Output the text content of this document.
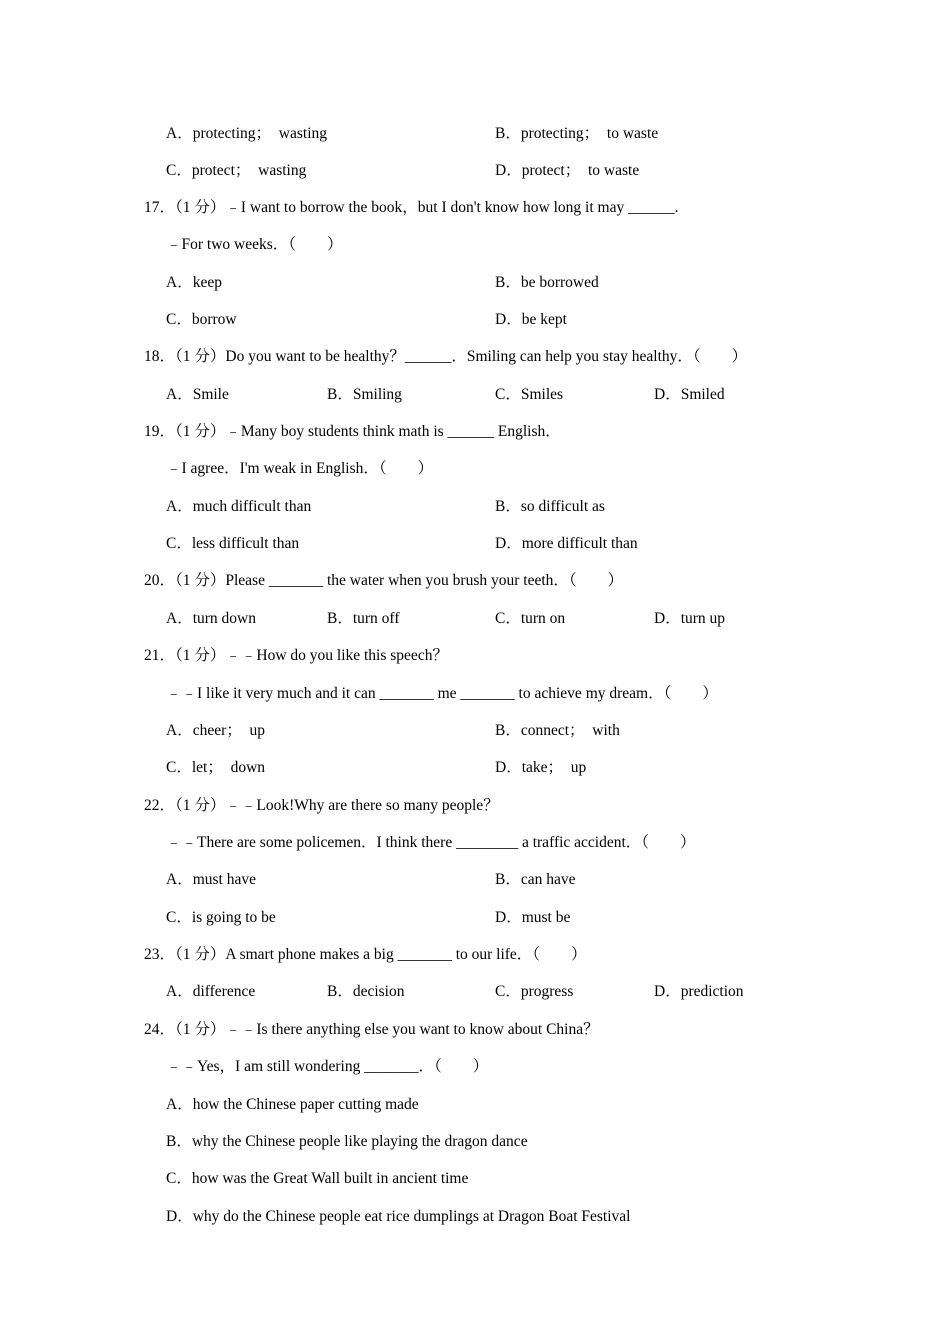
A．protecting；　wasting	B．protecting；　to waste
C．protect；　wasting	D．protect；　to waste
17．（1 分）﹣I want to borrow the book，but I don't know how long it may ______.
﹣For two weeks．（　　）
A．keep	B．be borrowed
C．borrow	D．be kept
18．（1 分）Do you want to be healthy？______．Smiling can help you stay healthy．（　　）
A．Smile	B．Smiling	C．Smiles	D．Smiled
19．（1 分）﹣Many boy students think math is ______ English．
﹣I agree．I'm weak in English．（　　）
A．much difficult than	B．so difficult as
C．less difficult than	D．more difficult than
20．（1 分）Please _______ the water when you brush your teeth．（　　）
A．turn down	B．turn off	C．turn on	D．turn up
21．（1 分）﹣﹣How do you like this speech？
﹣﹣I like it very much and it can _______ me _______ to achieve my dream．（　　）
A．cheer；　up	B．connect；　with
C．let；　down	D．take；　up
22．（1 分）﹣﹣Look!Why are there so many people？
﹣﹣There are some policemen．I think there ________ a traffic accident．（　　）
A．must have	B．can have
C．is going to be	D．must be
23．（1 分）A smart phone makes a big _______ to our life．（　　）
A．difference	B．decision	C．progress	D．prediction
24．（1 分）﹣﹣Is there anything else you want to know about China？
﹣﹣Yes，I am still wondering _______．（　　）
A．how the Chinese paper cutting made
B．why the Chinese people like playing the dragon dance
C．how was the Great Wall built in ancient time
D．why do the Chinese people eat rice dumplings at Dragon Boat Festival
